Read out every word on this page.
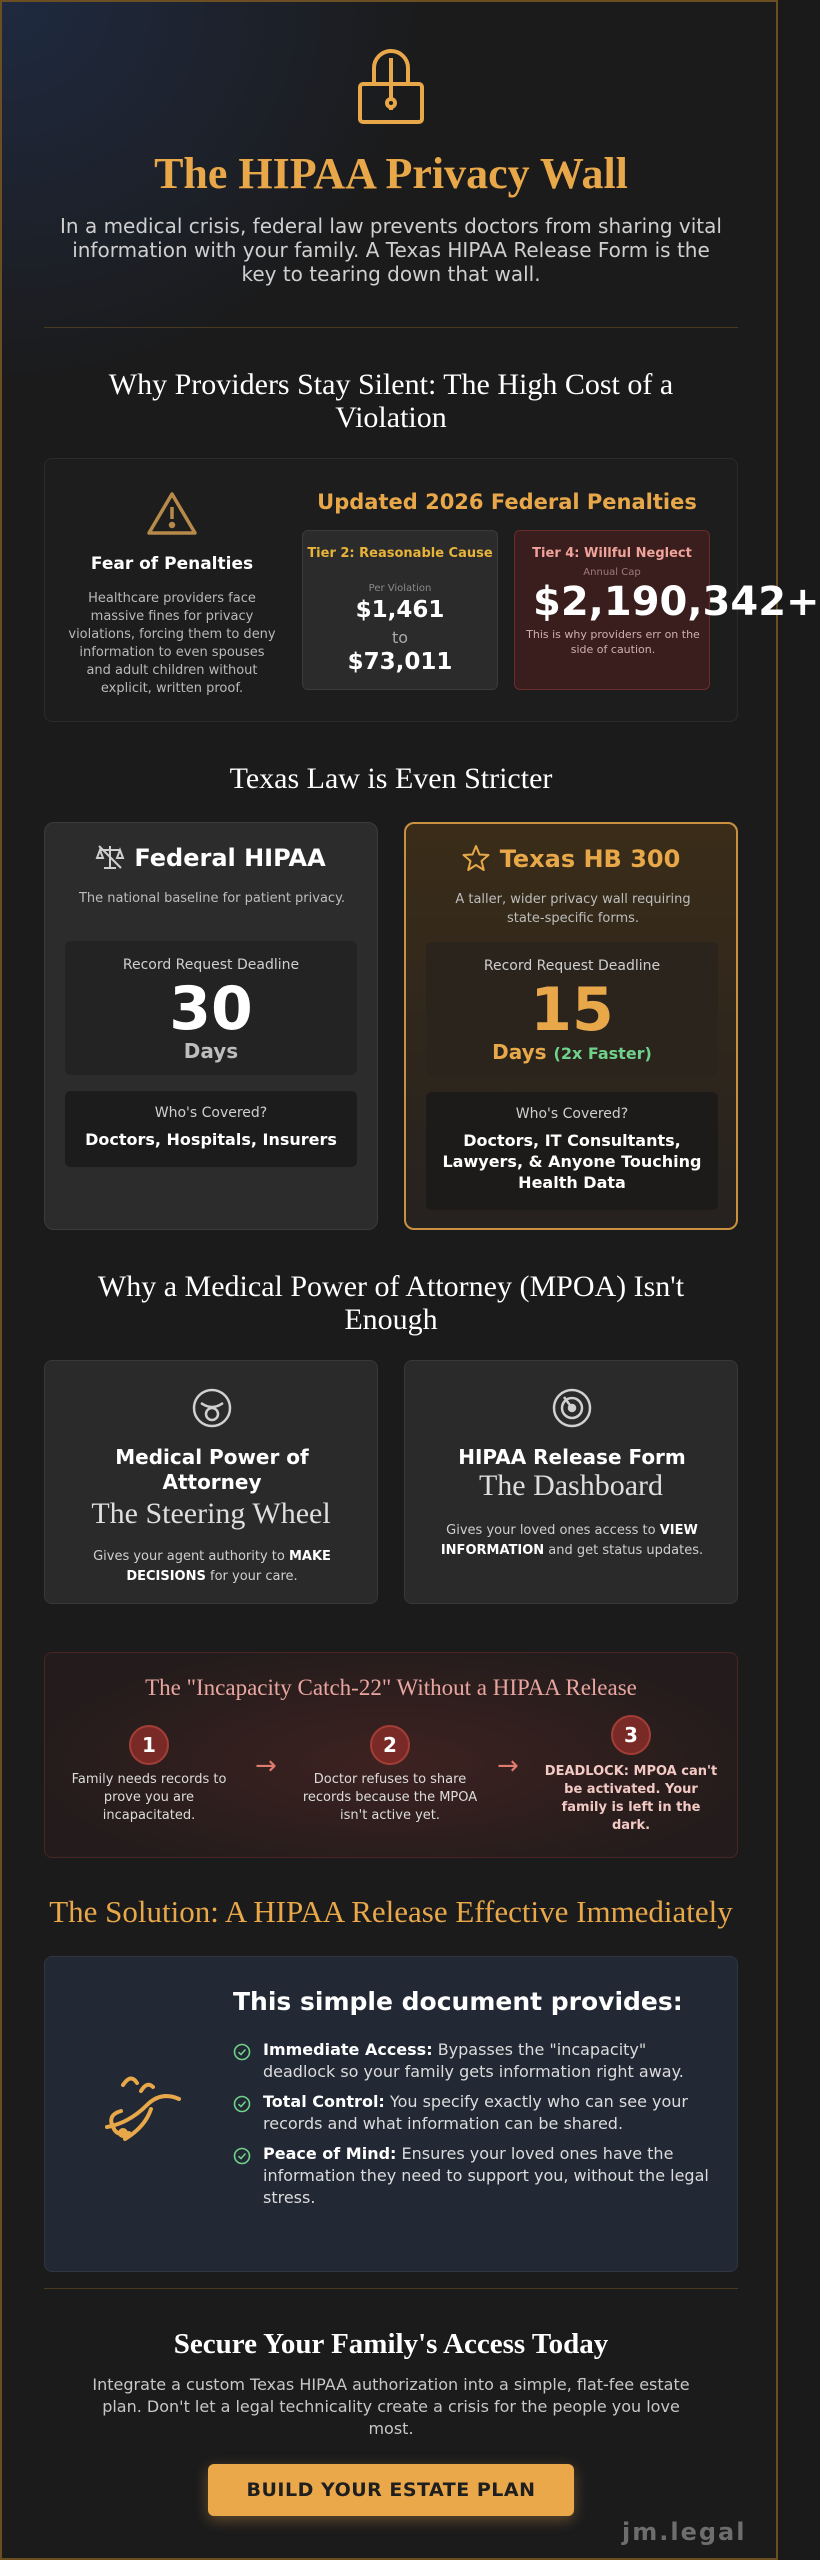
The HIPAA Privacy Wall
In a medical crisis, federal law prevents doctors from sharing vital information with your family. A Texas HIPAA Release Form is the key to tearing down that wall.
Why Providers Stay Silent: The High Cost of a Violation
Fear of Penalties
Healthcare providers face massive fines for privacy violations, forcing them to deny information to even spouses and adult children without explicit, written proof.
Updated 2026 Federal Penalties
Tier 2: Reasonable Cause
Per Violation
$1,461
to
$73,011
Tier 4: Willful Neglect
Annual Cap
$2,190,342+
This is why providers err on the side of caution.
Texas Law is Even Stricter
Federal HIPAA
The national baseline for patient privacy.
Record Request Deadline
30
Days
Who's Covered?
Doctors, Hospitals, Insurers
Texas HB 300
A taller, wider privacy wall requiring state-specific forms.
Record Request Deadline
15
Days (2x Faster)
Who's Covered?
Doctors, IT Consultants, Lawyers, & Anyone Touching Health Data
Why a Medical Power of Attorney (MPOA) Isn't Enough
Medical Power of Attorney
The Steering Wheel
Gives your agent authority to MAKE DECISIONS for your care.
HIPAA Release Form
The Dashboard
Gives your loved ones access to VIEW INFORMATION and get status updates.
The "Incapacity Catch-22" Without a HIPAA Release
1
Family needs records to prove you are incapacitated.
→
2
Doctor refuses to share records because the MPOA isn't active yet.
→
3
DEADLOCK: MPOA can't be activated. Your family is left in the dark.
The Solution: A HIPAA Release Effective Immediately
This simple document provides:
Immediate Access: Bypasses the "incapacity" deadlock so your family gets information right away.
Total Control: You specify exactly who can see your records and what information can be shared.
Peace of Mind: Ensures your loved ones have the information they need to support you, without the legal stress.
Secure Your Family's Access Today
Integrate a custom Texas HIPAA authorization into a simple, flat-fee estate plan. Don't let a legal technicality create a crisis for the people you love most.
BUILD YOUR ESTATE PLAN
jm.legal
